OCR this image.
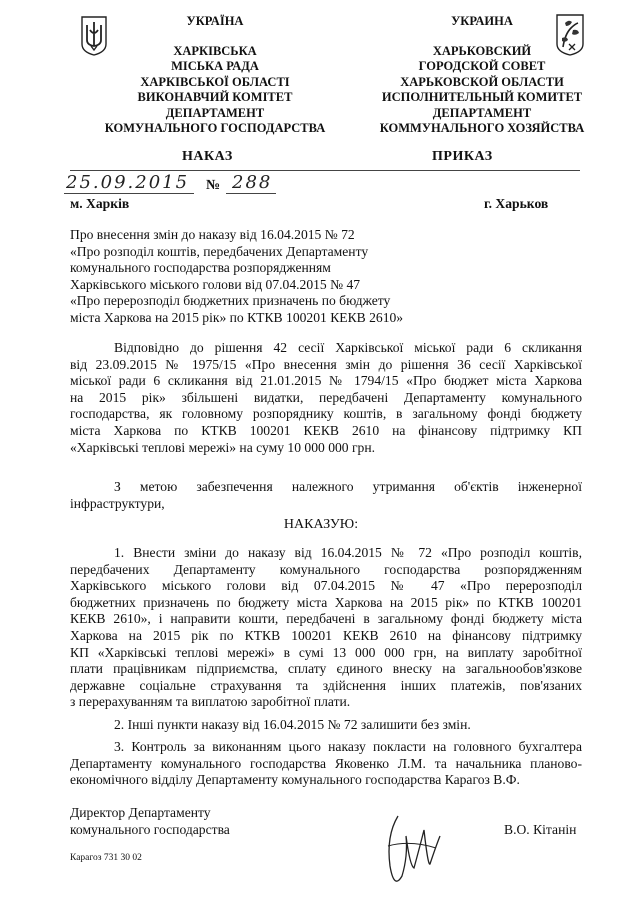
УКРАЇНА
ХАРКІВСЬКА
МІСЬКА РАДА
ХАРКІВСЬКОЇ ОБЛАСТІ
ВИКОНАВЧИЙ КОМІТЕТ
ДЕПАРТАМЕНТ
КОМУНАЛЬНОГО ГОСПОДАРСТВА
УКРАИНА
ХАРЬКОВСКИЙ
ГОРОДСКОЙ СОВЕТ
ХАРЬКОВСКОЙ ОБЛАСТИ
ИСПОЛНИТЕЛЬНЫЙ КОМИТЕТ
ДЕПАРТАМЕНТ
КОММУНАЛЬНОГО ХОЗЯЙСТВА
НАКАЗ	ПРИКАЗ
25.09.2015 № 288
м. Харків	г. Харьков
Про внесення змін до наказу від 16.04.2015 № 72
«Про розподіл коштів, передбачених Департаменту
комунального господарства розпорядженням
Харківського міського голови від 07.04.2015 № 47
«Про перерозподіл бюджетних призначень по бюджету
міста Харкова на 2015 рік» по КТКВ 100201 КЕКВ 2610»
Відповідно до рішення 42 сесії Харківської міської ради 6 скликання
від 23.09.2015 № 1975/15 «Про внесення змін до рішення 36 сесії Харківської
міської ради 6 скликання від 21.01.2015 № 1794/15 «Про бюджет міста Харкова
на 2015 рік» збільшені видатки, передбачені Департаменту комунального
господарства, як головному розпоряднику коштів, в загальному фонді бюджету
міста Харкова по КТКВ 100201 КЕКВ 2610 на фінансову підтримку КП
«Харківські теплові мережі» на суму 10 000 000 грн.
З метою забезпечення належного утримання об'єктів інженерної
інфраструктури,
НАКАЗУЮ:
1. Внести зміни до наказу від 16.04.2015 № 72 «Про розподіл коштів,
передбачених Департаменту комунального господарства розпорядженням
Харківського міського голови від 07.04.2015 № 47 «Про перерозподіл
бюджетних призначень по бюджету міста Харкова на 2015 рік» по КТКВ 100201
КЕКВ 2610», і направити кошти, передбачені в загальному фонді бюджету міста
Харкова на 2015 рік по КТКВ 100201 КЕКВ 2610 на фінансову підтримку
КП «Харківські теплові мережі» в сумі 13 000 000 грн, на виплату заробітної
плати працівникам підприємства, сплату єдиного внеску на загальнообов'язкове
державне соціальне страхування та здійснення інших платежів, пов'язаних
з перерахуванням та виплатою заробітної плати.
2. Інші пункти наказу від 16.04.2015 № 72 залишити без змін.
3. Контроль за виконанням цього наказу покласти на головного бухгалтера
Департаменту комунального господарства Яковенко Л.М. та начальника планово-
економічного відділу Департаменту комунального господарства Карагоз В.Ф.
Директор Департаменту
комунального господарства	В.О. Кітанін
Карагоз 731 30 02
